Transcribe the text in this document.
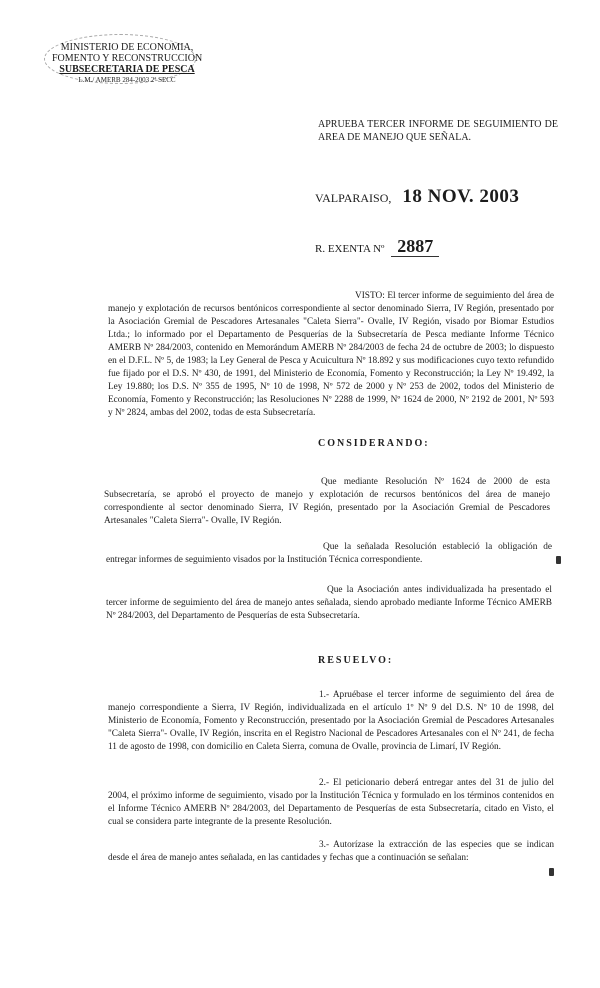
MINISTERIO DE ECONOMIA,
FOMENTO Y RECONSTRUCCION
SUBSECRETARIA DE PESCA
L.M./ AMERB 284-2003 2ª SECC
APRUEBA TERCER INFORME DE SEGUIMIENTO DE AREA DE MANEJO QUE SEÑALA.
VALPARAISO, 18 NOV. 2003
R. EXENTA Nº 2887
VISTO: El tercer informe de seguimiento del área de manejo y explotación de recursos bentónicos correspondiente al sector denominado Sierra, IV Región, presentado por la Asociación Gremial de Pescadores Artesanales "Caleta Sierra"- Ovalle, IV Región, visado por Biomar Estudios Ltda.; lo informado por el Departamento de Pesquerías de la Subsecretaría de Pesca mediante Informe Técnico AMERB Nº 284/2003, contenido en Memorándum AMERB Nº 284/2003 de fecha 24 de octubre de 2003; lo dispuesto en el D.F.L. Nº 5, de 1983; la Ley General de Pesca y Acuicultura Nº 18.892 y sus modificaciones cuyo texto refundido fue fijado por el D.S. Nº 430, de 1991, del Ministerio de Economía, Fomento y Reconstrucción; la Ley Nº 19.492, la Ley 19.880; los D.S. Nº 355 de 1995, Nº 10 de 1998, Nº 572 de 2000 y Nº 253 de 2002, todos del Ministerio de Economía, Fomento y Reconstrucción; las Resoluciones Nº 2288 de 1999, Nº 1624 de 2000, Nº 2192 de 2001, Nº 593 y Nº 2824, ambas del 2002, todas de esta Subsecretaría.
CONSIDERANDO:
Que mediante Resolución Nº 1624 de 2000 de esta Subsecretaría, se aprobó el proyecto de manejo y explotación de recursos bentónicos del área de manejo correspondiente al sector denominado Sierra, IV Región, presentado por la Asociación Gremial de Pescadores Artesanales "Caleta Sierra"- Ovalle, IV Región.
Que la señalada Resolución estableció la obligación de entregar informes de seguimiento visados por la Institución Técnica correspondiente.
Que la Asociación antes individualizada ha presentado el tercer informe de seguimiento del área de manejo antes señalada, siendo aprobado mediante Informe Técnico AMERB Nº 284/2003, del Departamento de Pesquerías de esta Subsecretaría.
RESUELVO:
1.- Apruébase el tercer informe de seguimiento del área de manejo correspondiente a Sierra, IV Región, individualizada en el artículo 1º Nº 9 del D.S. Nº 10 de 1998, del Ministerio de Economía, Fomento y Reconstrucción, presentado por la Asociación Gremial de Pescadores Artesanales "Caleta Sierra"- Ovalle, IV Región, inscrita en el Registro Nacional de Pescadores Artesanales con el Nº 241, de fecha 11 de agosto de 1998, con domicilio en Caleta Sierra, comuna de Ovalle, provincia de Limarí, IV Región.
2.- El peticionario deberá entregar antes del 31 de julio del 2004, el próximo informe de seguimiento, visado por la Institución Técnica y formulado en los términos contenidos en el Informe Técnico AMERB Nº 284/2003, del Departamento de Pesquerías de esta Subsecretaría, citado en Visto, el cual se considera parte integrante de la presente Resolución.
3.- Autorízase la extracción de las especies que se indican desde el área de manejo antes señalada, en las cantidades y fechas que a continuación se señalan:
